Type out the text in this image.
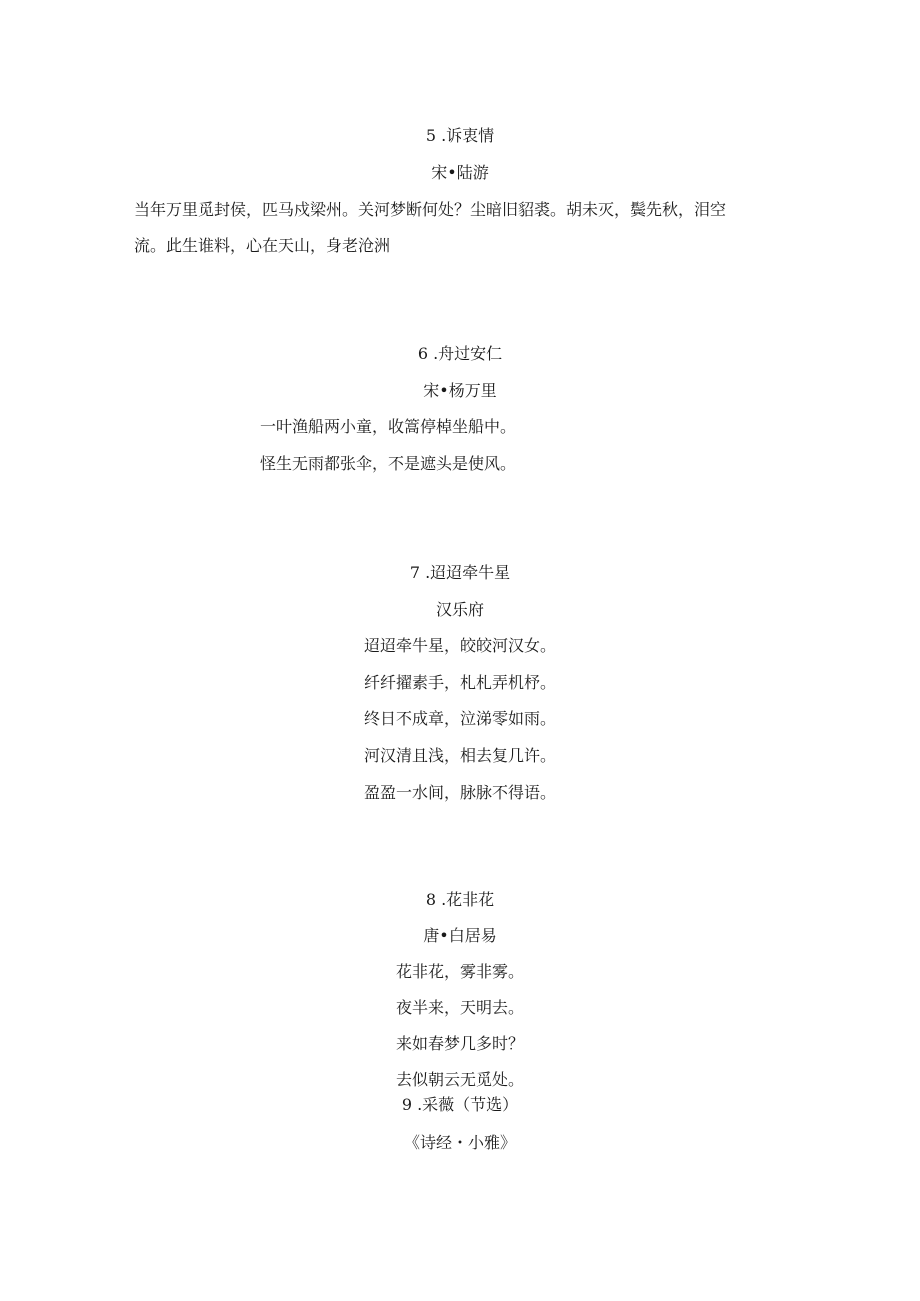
5 .诉衷情
宋•陆游
当年万里觅封侯，匹马戍梁州。关河梦断何处？尘暗旧貂裘。胡未灭，鬓先秋，泪空
流。此生谁料，心在天山，身老沧洲
6 .舟过安仁
宋•杨万里
一叶渔船两小童，收篙停棹坐船中。
怪生无雨都张伞，不是遮头是使风。
7 .迢迢牵牛星
汉乐府
迢迢牵牛星，皎皎河汉女。
纤纤擢素手，札札弄机杼。
终日不成章，泣涕零如雨。
河汉清且浅，相去复几许。
盈盈一水间，脉脉不得语。
8 .花非花
唐•白居易
花非花，雾非雾。
夜半来，天明去。
来如春梦几多时？
去似朝云无觅处。
9 .采薇（节选）
《诗经・小雅》
